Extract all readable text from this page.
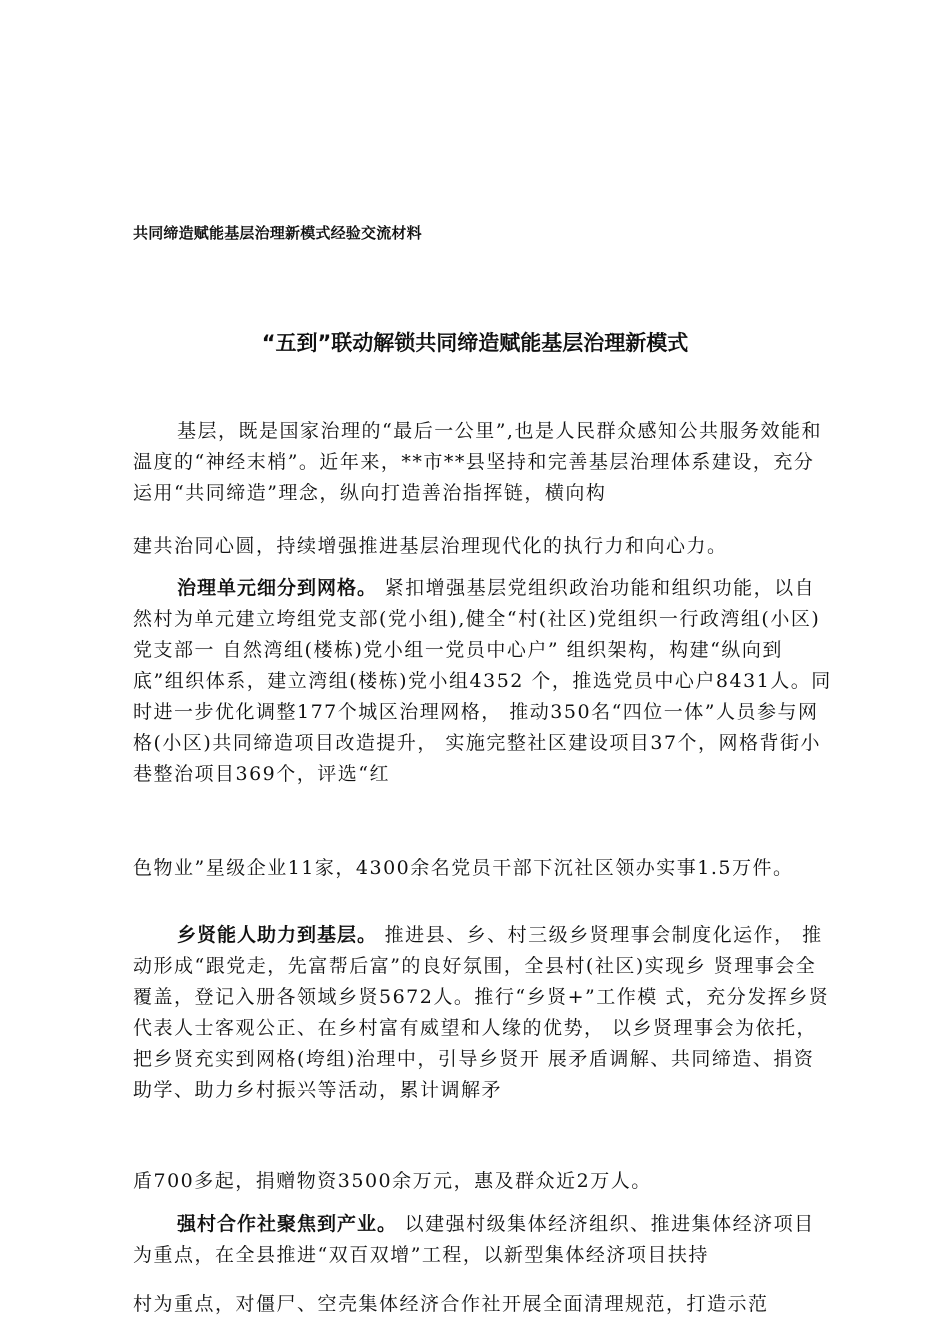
共同缔造赋能基层治理新模式经验交流材料
“五到”联动解锁共同缔造赋能基层治理新模式

基层，既是国家治理的“最后一公里”,也是人民群众感知公共服务效能和温度的“神经末梢”。近年来，**市**县坚持和完善基层治理体系建设，充分运用“共同缔造”理念，纵向打造善治指挥链，横向构

建共治同心圆，持续增强推进基层治理现代化的执行力和向心力。

治理单元细分到网格。 紧扣增强基层党组织政治功能和组织功能，以自然村为单元建立垮组党支部(党小组),健全“村(社区)党组织一行政湾组(小区)党支部一 自然湾组(楼栋)党小组一党员中心户” 组织架构，构建“纵向到底”组织体系，建立湾组(楼栋)党小组4352 个，推选党员中心户8431人。同时进一步优化调整177个城区治理网格， 推动350名“四位一体”人员参与网格(小区)共同缔造项目改造提升， 实施完整社区建设项目37个，网格背街小巷整治项目369个，评选“红

色物业”星级企业11家，4300余名党员干部下沉社区领办实事1.5万件。

乡贤能人助力到基层。 推进县、乡、村三级乡贤理事会制度化运作， 推动形成“跟党走，先富帮后富”的良好氛围，全县村(社区)实现乡 贤理事会全覆盖，登记入册各领域乡贤5672人。推行“乡贤+”工作模 式，充分发挥乡贤代表人士客观公正、在乡村富有威望和人缘的优势， 以乡贤理事会为依托，把乡贤充实到网格(垮组)治理中，引导乡贤开 展矛盾调解、共同缔造、捐资助学、助力乡村振兴等活动，累计调解矛

盾700多起，捐赠物资3500余万元，惠及群众近2万人。

强村合作社聚焦到产业。 以建强村级集体经济组织、推进集体经济项目为重点，在全县推进“双百双增”工程，以新型集体经济项目扶持

村为重点，对僵尸、空壳集体经济合作社开展全面清理规范，打造示范
